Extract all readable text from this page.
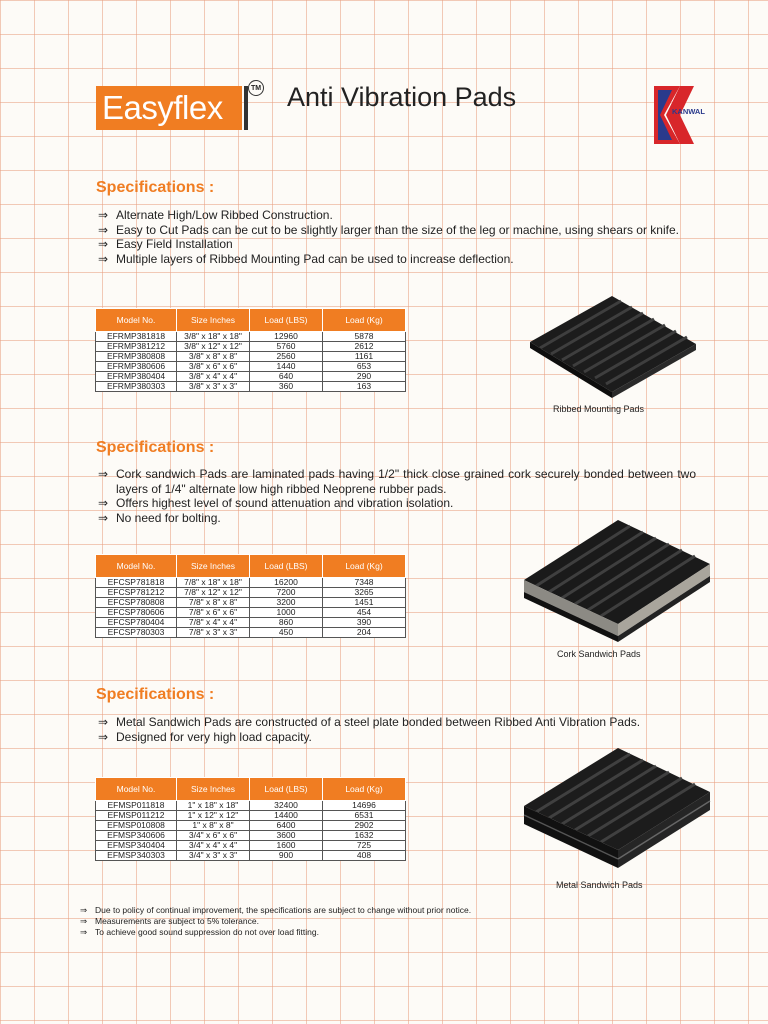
Easyflex
TM Anti Vibration Pads	KANWAL
Specifications :
⇒ Alternate High/Low Ribbed Construction.
⇒ Easy to Cut Pads can be cut to be slightly larger than the size of the leg or machine, using shears or knife.
⇒ Easy Field Installation
⇒ Multiple layers of Ribbed Mounting Pad can be used to increase deflection.
Model No.	Size Inches	Load (LBS)	Load (Kg)
EFRMP381818	3/8" x 18" x 18"	12960	5878
EFRMP381212	3/8" x 12" x 12"	5760	2612
EFRMP380808	3/8" x 8" x 8"	2560	1161
EFRMP380606	3/8" x 6" x 6"	1440	653
EFRMP380404	3/8" x 4" x 4"	640	290
EFRMP380303	3/8" x 3" x 3"	360	163
Ribbed Mounting Pads
Specifications :
⇒ Cork sandwich Pads are laminated pads having 1/2" thick close grained cork securely bonded between two layers of 1/4" alternate low high ribbed Neoprene rubber pads.
⇒ Offers highest level of sound attenuation and vibration isolation.
⇒ No need for bolting.
Model No.	Size Inches	Load (LBS)	Load (Kg)
EFCSP781818	7/8" x 18" x 18"	16200	7348
EFCSP781212	7/8" x 12" x 12"	7200	3265
EFCSP780808	7/8" x 8" x 8"	3200	1451
EFCSP780606	7/8" x 6" x 6"	1000	454
EFCSP780404	7/8" x 4" x 4"	860	390
EFCSP780303	7/8" x 3" x 3"	450	204
Cork Sandwich Pads
Specifications :
⇒ Metal Sandwich Pads are constructed of a steel plate bonded between Ribbed Anti Vibration Pads.
⇒ Designed for very high load capacity.
Model No.	Size Inches	Load (LBS)	Load (Kg)
EFMSP011818	1" x 18" x 18"	32400	14696
EFMSP011212	1" x 12" x 12"	14400	6531
EFMSP010808	1" x 8" x 8"	6400	2902
EFMSP340606	3/4" x 6" x 6"	3600	1632
EFMSP340404	3/4" x 4" x 4"	1600	725
EFMSP340303	3/4" x 3" x 3"	900	408
Metal Sandwich Pads
⇒ Due to policy of continual improvement, the specifications are subject to change without prior notice.
⇒ Measurements are subject to 5% tolerance.
⇒ To achieve good sound suppression do not over load fitting.
